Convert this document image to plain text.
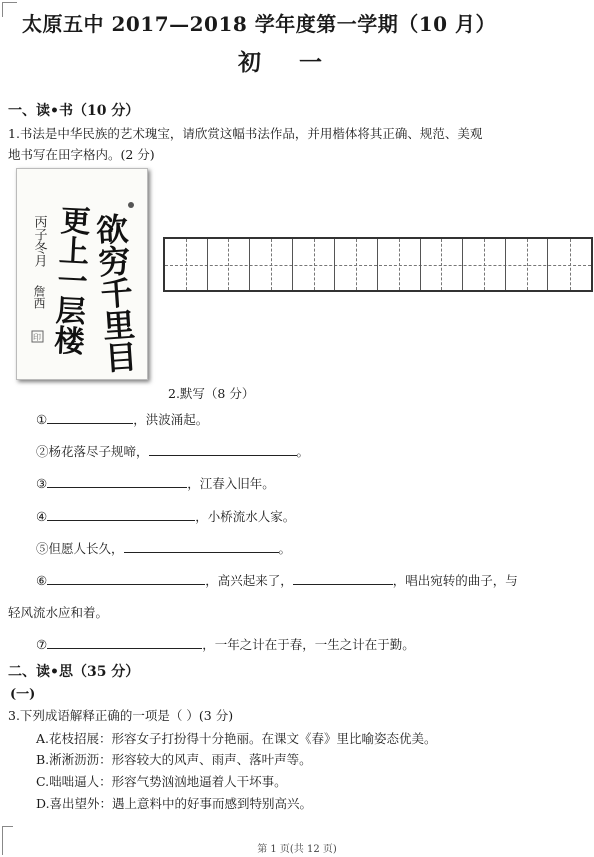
太原五中 2017—2018 学年度第一学期（10 月）
初 一
一、读•书（10 分）
1.书法是中华民族的艺术瑰宝，请欣赏这幅书法作品，并用楷体将其正确、规范、美观
地书写在田字格内。(2 分)
欲穷千里目
更上一层楼
丙子冬月
詹西
印
2.默写（8 分）
①	，洪波涌起。
②杨花落尽子规啼，	。
③	，江春入旧年。
④	，小桥流水人家。
⑤但愿人长久，	。
⑥	，高兴起来了，	，唱出宛转的曲子，与
轻风流水应和着。
⑦	，一年之计在于春，一生之计在于勤。
二、读•思（35 分）
(一)
3.下列成语解释正确的一项是（ ）(3 分)
A.花枝招展：形容女子打扮得十分艳丽。在课文《春》里比喻姿态优美。
B.淅淅沥沥：形容较大的风声、雨声、落叶声等。
C.咄咄逼人：形容气势汹汹地逼着人干坏事。
D.喜出望外：遇上意料中的好事而感到特别高兴。
第 1 页(共 12 页)
